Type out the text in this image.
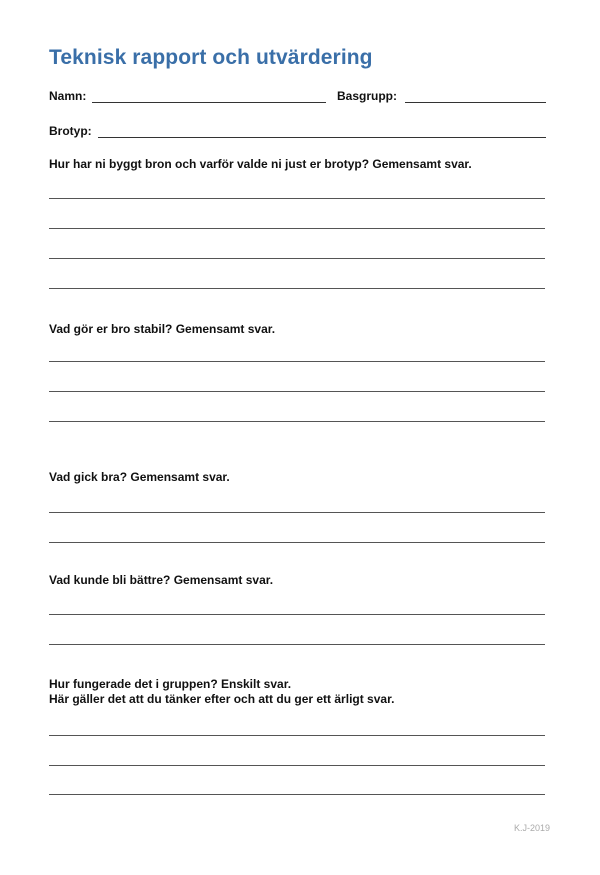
Teknisk rapport och utvärdering
Namn:	Basgrupp:
Brotyp:
Hur har ni byggt bron och varför valde ni just er brotyp? Gemensamt svar.
Vad gör er bro stabil? Gemensamt svar.
Vad gick bra? Gemensamt svar.
Vad kunde bli bättre? Gemensamt svar.
Hur fungerade det i gruppen? Enskilt svar.
Här gäller det att du tänker efter och att du ger ett ärligt svar.
K.J-2019
